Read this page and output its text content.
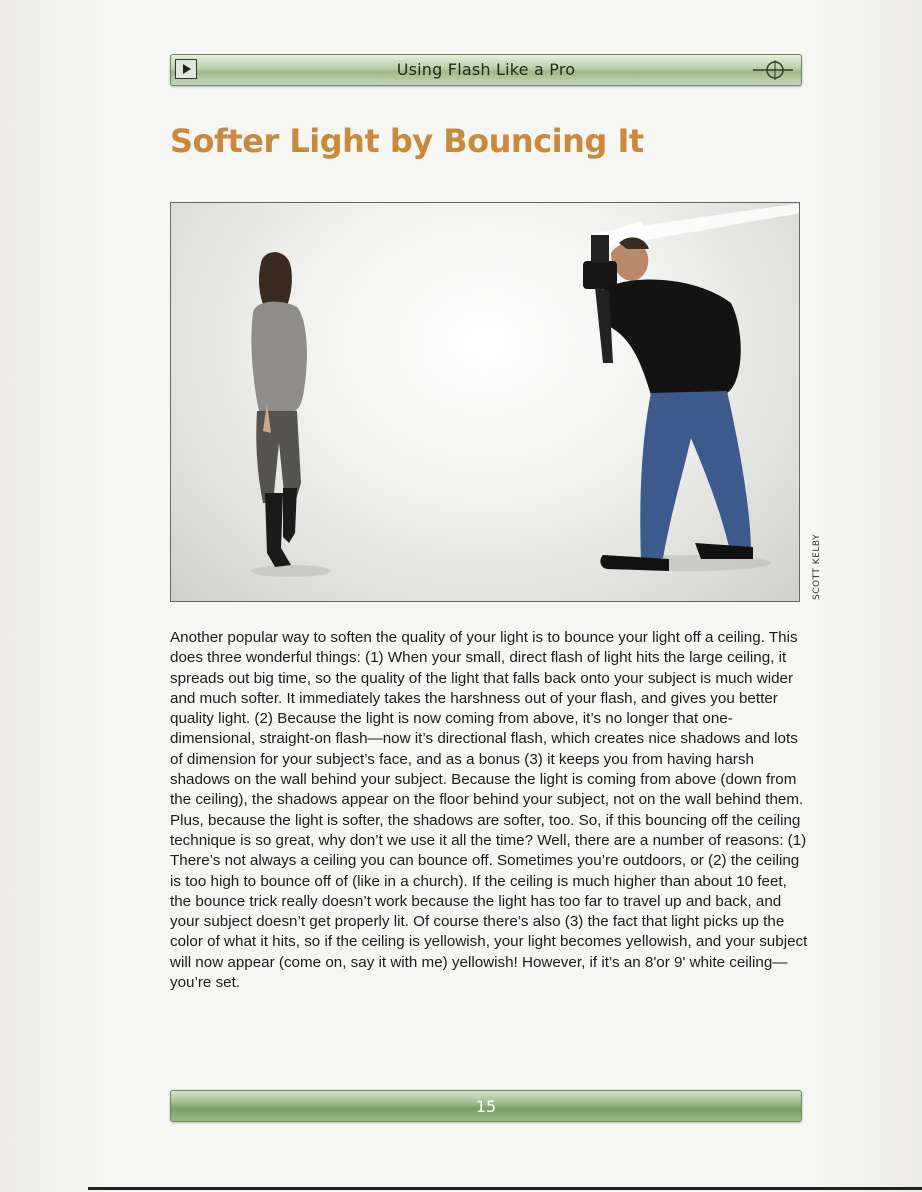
Using Flash Like a Pro
Softer Light by Bouncing It
SCOTT KELBY

Another popular way to soften the quality of your light is to bounce your light off a ceiling. This does three wonderful things: (1) When your small, direct flash of light hits the large ceiling, it spreads out big time, so the quality of the light that falls back onto your subject is much wider and much softer. It immediately takes the harshness out of your flash, and gives you better quality light. (2) Because the light is now coming from above, it’s no longer that one-dimensional, straight-on flash—now it’s directional flash, which creates nice shadows and lots of dimension for your subject’s face, and as a bonus (3) it keeps you from having harsh shadows on the wall behind your subject. Because the light is coming from above (down from the ceiling), the shadows appear on the floor behind your subject, not on the wall behind them. Plus, because the light is softer, the shadows are softer, too. So, if this bouncing off the ceiling technique is so great, why don’t we use it all the time? Well, there are a number of reasons: (1) There’s not always a ceiling you can bounce off. Sometimes you’re outdoors, or (2) the ceiling is too high to bounce off of (like in a church). If the ceiling is much higher than about 10 feet, the bounce trick really doesn’t work because the light has too far to travel up and back, and your subject doesn’t get properly lit. Of course there’s also (3) the fact that light picks up the color of what it hits, so if the ceiling is yellowish, your light becomes yellowish, and your subject will now appear (come on, say it with me) yellowish! However, if it’s an 8'or 9' white ceiling—you’re set.

15
